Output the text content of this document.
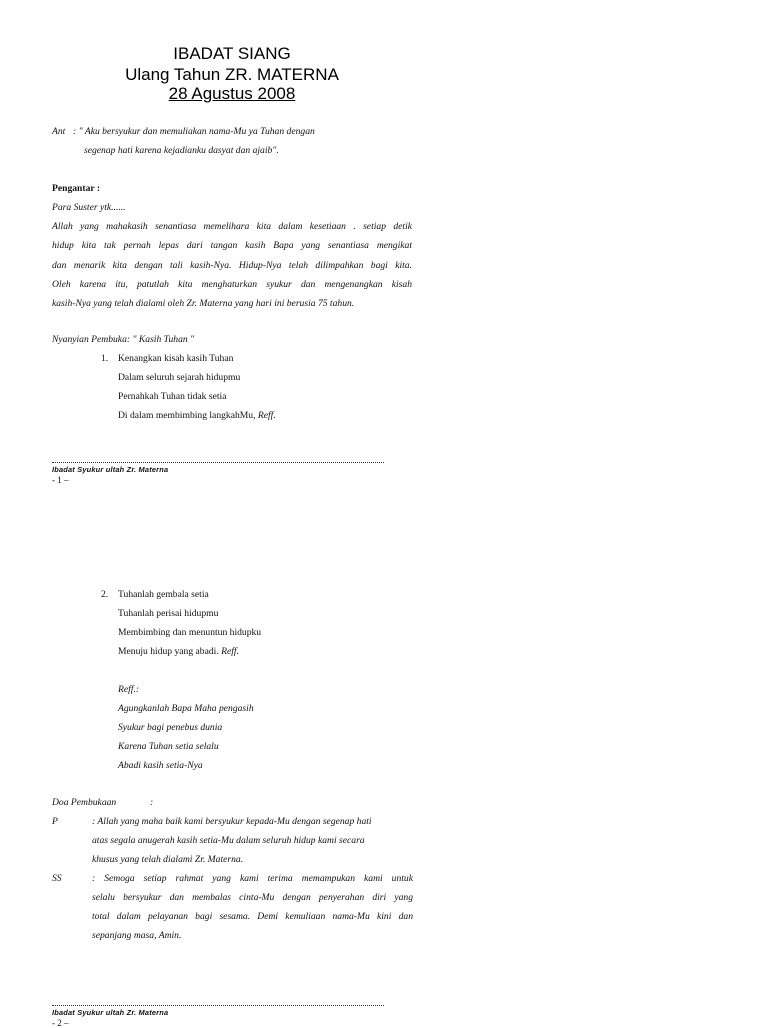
IBADAT SIANG
Ulang Tahun ZR. MATERNA
28 Agustus 2008
Ant : " Aku bersyukur dan memuliakan nama-Mu ya Tuhan dengan
segenap hati karena kejadianku dasyat dan ajaib".
Pengantar :
Para Suster ytk......
Allah yang mahakasih senantiasa memelihara kita dalam kesetiaan . setiap detik
hidup kita tak pernah lepas dari tangan kasih Bapa yang senantiasa mengikat
dan menarik kita dengan tali kasih-Nya. Hidup-Nya telah dilimpahkan bagi kita.
Oleh karena itu, patutlah kita menghaturkan syukur dan mengenangkan kisah
kasih-Nya yang telah dialami oleh Zr. Materna yang hari ini berusia 75 tahun.
Nyanyian Pembuka: " Kasih Tuhan "
1. Kenangkan kisah kasih Tuhan
Dalam seluruh sejarah hidupmu
Pernahkah Tuhan tidak setia
Di dalam membimbing langkahMu, Reff.
Ibadat Syukur ultah Zr. Materna
- 1 –
2. Tuhanlah gembala setia
Tuhanlah perisai hidupmu
Membimbing dan menuntun hidupku
Menuju hidup yang abadi. Reff.
Reff.:
Agungkanlah Bapa Maha pengasih
Syukur bagi penebus dunia
Karena Tuhan setia selalu
Abadi kasih setia-Nya
Doa Pembukaan	:
P	: Allah yang maha baik kami bersyukur kepada-Mu dengan segenap hati
atas segala anugerah kasih setia-Mu dalam seluruh hidup kami secara
khusus yang telah dialami Zr. Materna.
SS	: Semoga setiap rahmat yang kami terima memampukan kami untuk
selalu bersyukur dan membalas cinta-Mu dengan penyerahan diri yang
total dalam pelayanan bagi sesama. Demi kemuliaan nama-Mu kini dan
sepanjang masa, Amin.
Ibadat Syukur ultah Zr. Materna
- 2 –
